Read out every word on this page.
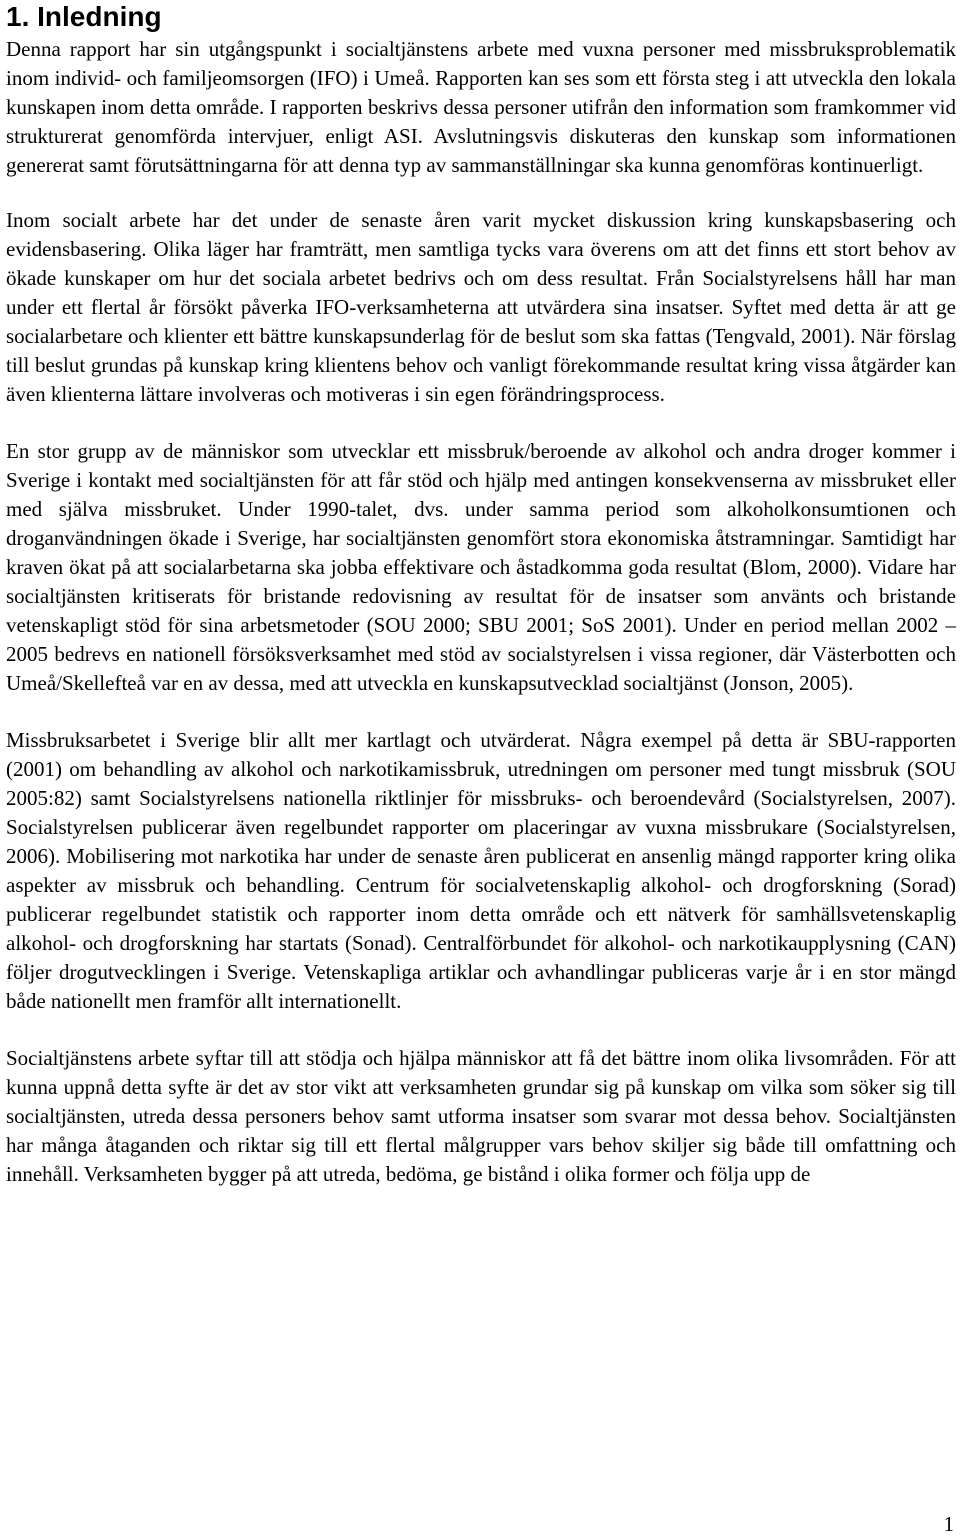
1. Inledning

Denna rapport har sin utgångspunkt i socialtjänstens arbete med vuxna personer med missbruksproblematik inom individ- och familjeomsorgen (IFO) i Umeå. Rapporten kan ses som ett första steg i att utveckla den lokala kunskapen inom detta område. I rapporten beskrivs dessa personer utifrån den information som framkommer vid strukturerat genomförda intervjuer, enligt ASI. Avslutningsvis diskuteras den kunskap som informationen genererat samt förutsättningarna för att denna typ av sammanställningar ska kunna genomföras kontinuerligt.

Inom socialt arbete har det under de senaste åren varit mycket diskussion kring kunskapsbasering och evidensbasering. Olika läger har framträtt, men samtliga tycks vara överens om att det finns ett stort behov av ökade kunskaper om hur det sociala arbetet bedrivs och om dess resultat. Från Socialstyrelsens håll har man under ett flertal år försökt påverka IFO-verksamheterna att utvärdera sina insatser. Syftet med detta är att ge socialarbetare och klienter ett bättre kunskapsunderlag för de beslut som ska fattas (Tengvald, 2001). När förslag till beslut grundas på kunskap kring klientens behov och vanligt förekommande resultat kring vissa åtgärder kan även klienterna lättare involveras och motiveras i sin egen förändringsprocess.

En stor grupp av de människor som utvecklar ett missbruk/beroende av alkohol och andra droger kommer i Sverige i kontakt med socialtjänsten för att får stöd och hjälp med antingen konsekvenserna av missbruket eller med själva missbruket. Under 1990-talet, dvs. under samma period som alkoholkonsumtionen och droganvändningen ökade i Sverige, har socialtjänsten genomfört stora ekonomiska åtstramningar. Samtidigt har kraven ökat på att socialarbetarna ska jobba effektivare och åstadkomma goda resultat (Blom, 2000). Vidare har socialtjänsten kritiserats för bristande redovisning av resultat för de insatser som använts och bristande vetenskapligt stöd för sina arbetsmetoder (SOU 2000; SBU 2001; SoS 2001). Under en period mellan 2002 – 2005 bedrevs en nationell försöksverksamhet med stöd av socialstyrelsen i vissa regioner, där Västerbotten och Umeå/Skellefteå var en av dessa, med att utveckla en kunskapsutvecklad socialtjänst (Jonson, 2005).

Missbruksarbetet i Sverige blir allt mer kartlagt och utvärderat. Några exempel på detta är SBU-rapporten (2001) om behandling av alkohol och narkotikamissbruk, utredningen om personer med tungt missbruk (SOU 2005:82) samt Socialstyrelsens nationella riktlinjer för missbruks- och beroendevård (Socialstyrelsen, 2007). Socialstyrelsen publicerar även regelbundet rapporter om placeringar av vuxna missbrukare (Socialstyrelsen, 2006). Mobilisering mot narkotika har under de senaste åren publicerat en ansenlig mängd rapporter kring olika aspekter av missbruk och behandling. Centrum för socialvetenskaplig alkohol- och drogforskning (Sorad) publicerar regelbundet statistik och rapporter inom detta område och ett nätverk för samhällsvetenskaplig alkohol- och drogforskning har startats (Sonad). Centralförbundet för alkohol- och narkotikaupplysning (CAN) följer drogutvecklingen i Sverige. Vetenskapliga artiklar och avhandlingar publiceras varje år i en stor mängd både nationellt men framför allt internationellt.

Socialtjänstens arbete syftar till att stödja och hjälpa människor att få det bättre inom olika livsområden. För att kunna uppnå detta syfte är det av stor vikt att verksamheten grundar sig på kunskap om vilka som söker sig till socialtjänsten, utreda dessa personers behov samt utforma insatser som svarar mot dessa behov. Socialtjänsten har många åtaganden och riktar sig till ett flertal målgrupper vars behov skiljer sig både till omfattning och innehåll. Verksamheten bygger på att utreda, bedöma, ge bistånd i olika former och följa upp de

1
